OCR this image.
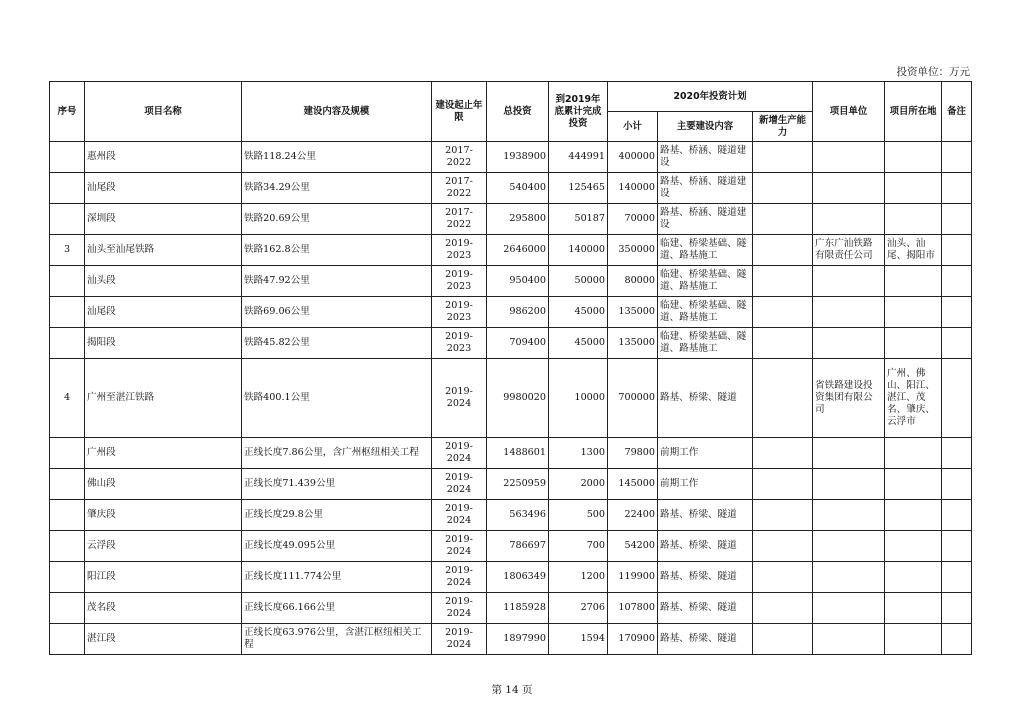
投资单位：万元
序号	项目名称	建设内容及规模	建设起止年限	总投资	到2019年底累计完成投资	2020年投资计划			项目单位	项目所在地	备注
						小计	主要建设内容	新增生产能力			
	惠州段	铁路118.24公里	2017-2022	1938900	444991	400000	路基、桥涵、隧道建设				
	汕尾段	铁路34.29公里	2017-2022	540400	125465	140000	路基、桥涵、隧道建设				
	深圳段	铁路20.69公里	2017-2022	295800	50187	70000	路基、桥涵、隧道建设				
3	汕头至汕尾铁路	铁路162.8公里	2019-2023	2646000	140000	350000	临建、桥梁基础、隧道、路基施工		广东广汕铁路有限责任公司	汕头、汕尾、揭阳市	
	汕头段	铁路47.92公里	2019-2023	950400	50000	80000	临建、桥梁基础、隧道、路基施工				
	汕尾段	铁路69.06公里	2019-2023	986200	45000	135000	临建、桥梁基础、隧道、路基施工				
	揭阳段	铁路45.82公里	2019-2023	709400	45000	135000	临建、桥梁基础、隧道、路基施工				
4	广州至湛江铁路	铁路400.1公里	2019-2024	9980020	10000	700000	路基、桥梁、隧道		省铁路建设投资集团有限公司	广州、佛山、阳江、湛江、茂名、肇庆、云浮市	
	广州段	正线长度7.86公里，含广州枢纽相关工程	2019-2024	1488601	1300	79800	前期工作				
	佛山段	正线长度71.439公里	2019-2024	2250959	2000	145000	前期工作				
	肇庆段	正线长度29.8公里	2019-2024	563496	500	22400	路基、桥梁、隧道				
	云浮段	正线长度49.095公里	2019-2024	786697	700	54200	路基、桥梁、隧道				
	阳江段	正线长度111.774公里	2019-2024	1806349	1200	119900	路基、桥梁、隧道				
	茂名段	正线长度66.166公里	2019-2024	1185928	2706	107800	路基、桥梁、隧道				
	湛江段	正线长度63.976公里，含湛江枢纽相关工程	2019-2024	1897990	1594	170900	路基、桥梁、隧道				
第 14 页
